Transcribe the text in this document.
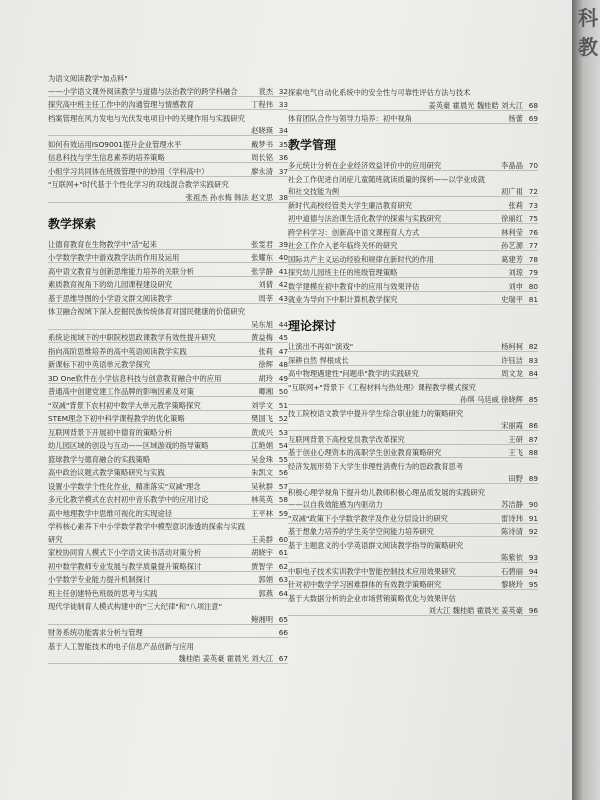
为语文阅读教学"加点料"
——小学语文课外阅读教学与道德与法治教学的跨学科融合	袁杰 32
探究高中班主任工作中的沟通管理与情感教育	丁程伟 33
档案管理在风力发电与光伏发电项目中的关键作用与实践研究
赵晓瑛 34
如何有效运用ISO9001提升企业管理水平	戴梦书 35
信息科技与学生信息素养的培养策略	周长铭 36
小组学习共同体在班级管理中的妙用（学科高中）	廖永清 37
"互联网+"时代基于个性化学习的双线混合教学实践研究
张祖杰 孙水梅 韩法 赵文思 38
教学探索
让德育教育在生物教学中"活"起来	张雯君 39
小学数学教学中游戏教学法的作用及运用	张耀东 40
高中语文教育与创新思维能力培养的关联分析	张学静 41
素质教育视角下的幼儿园课程建设研究	刘倩 42
基于思维导图的小学语文群文阅读教学	周莘 43
体卫融合视域下深入挖掘民族传统体育对国民健康的价值研究
吴东旭 44
系统论视域下的中职院校思政课教学有效性提升研究	黄益梅 45
指向高阶思维培养的高中英语阅读教学实践	张莉 47
新课标下初中英语单元教学探究	徐辉 48
3D One软件在小学信息科技与创意教育融合中的应用	胡玲 49
普通高中创建党建工作品牌的影响因素及对策	卿湘 50
"双减"背景下农村初中数学大单元教学策略探究	刘学文 51
STEM理念下初中科学课程教学的优化策略	樊国飞 52
互联网背景下开展初中德育的策略分析	黄成兴 53
幼儿园区域的创设与互动——区域游戏的指导策略	江艳娟 54
篮球教学与德育融合的实践策略	吴金珠 55
高中政治议题式教学策略研究与实践	朱凯文 56
设置小学数学个性化作业，精准落实"双减"理念	吴秋群 57
多元化教学模式在农村初中音乐教学中的应用讨论	林英英 58
高中地理教学中思维可视化的实现途径	王平林 59
学科核心素养下中小学数学教学中模型意识渗透的探索与实践
研究	王美群 60
家校协同育人模式下小学语文读书活动对策分析	胡晓宇 61
初中数学教师专业发展与教学质量提升策略探讨	贾智学 62
小学数学专业能力提升机制探讨	郭娟 63
班主任创建特色班级的思考与实践	郭燕 64
现代学徒制育人模式构建中的"三大纪律"和"八项注意"
鲍湘明 65
财务系统功能需求分析与管理	66
基于人工智能技术的电子信息产品创新与应用
魏桂皓 姜英豪 霍晨光 刘大江 67
探索电气自动化系统中的安全性与可靠性评估方法与技术
姜英豪 霍晨光 魏桂皓 刘大江 68
体育团队合作与领导力培养：初中视角	杨蕾 69
教学管理
多元统计分析在企业经济效益评价中的应用研究	李晶晶 70
社会工作促进自闭症儿童随班就读质量的探析——以学业成就
和社交技能为例	初广祖 72
新时代高校经管类大学生廉洁教育研究	张莉 73
初中道德与法治课生活化教学的探索与实践研究	徐丽红 75
跨学科学习：创新高中语文课程育人方式	林利莹 76
社会工作介入老年临终关怀的研究	孙艺源 77
国际共产主义运动经验和规律在新时代的作用	葛建芳 78
探究幼儿园班主任的班级管理策略	刘琼 79
数学建模在初中教育中的应用与效果评估	刘申 80
就业为导向下中职计算机教学探究	史瑞平 81
理论探讨
让演出不再如"演戏"	杨柯柯 82
深耕自然 悍根成长	许钰洁 83
高中物理遇建性"问题串"教学的实践研究	周文龙 84
"互联网+"背景下《工程材料与热处理》课程教学模式探究
孙琪 马廷威 徐晓辉 85
技工院校语文教学中提升学生综合职业能力的策略研究
宋丽霞 86
互联网背景下高校党员教学改革探究	王研 87
基于创业心理资本的高职学生创业教育策略研究	王飞 88
经济发展形势下大学生非理性消费行为的思政教育思考
田野 89
积极心理学视角下提升幼儿教师积极心理品质发展的实践研究
——以自我效能感为内驱动力	苏洁静 90
"双减"政策下小学数学教学及作业分层设计的研究	雷诗玮 91
基于想象力培养的学生美学空间能力培养研究	陈诗清 92
基于主题意义的小学英语群文阅读教学指导的策略研究
陈紫依 93
中职电子技术实训教学中智能控制技术应用效果研究	石碧丽 94
针对初中数学学习困难群体的有效教学策略研究	黎晓玲 95
基于大数据分析的企业市场营销策略优化与效果评估
刘大江 魏桂皓 霍晨光 姜英豪 96
科教
